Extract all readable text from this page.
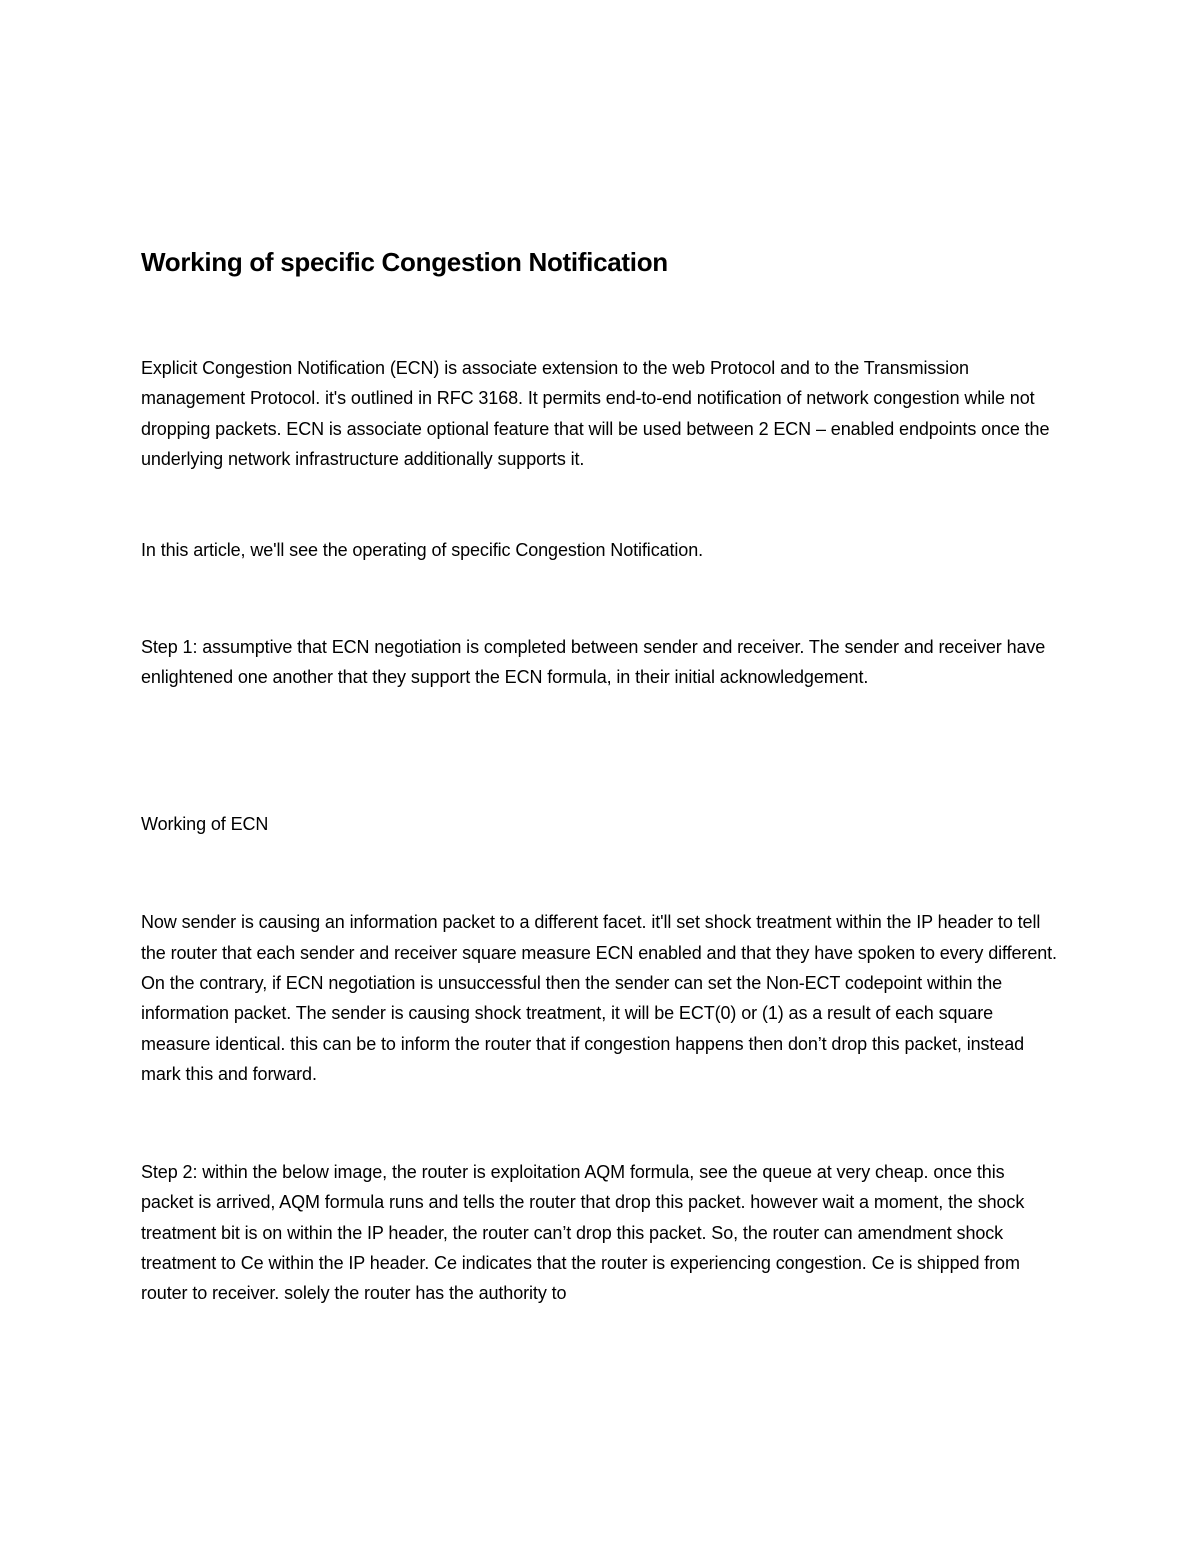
Working of specific Congestion Notification

Explicit Congestion Notification (ECN) is associate extension to the web Protocol and to the Transmission management Protocol. it's outlined in RFC 3168. It permits end-to-end notification of network congestion while not dropping packets. ECN is associate optional feature that will be used between 2 ECN – enabled endpoints once the underlying network infrastructure additionally supports it.

In this article, we'll see the operating of specific Congestion Notification.

Step 1: assumptive that ECN negotiation is completed between sender and receiver. The sender and receiver have enlightened one another that they support the ECN formula, in their initial acknowledgement.

Working of ECN

Now sender is causing an information packet to a different facet. it'll set shock treatment within the IP header to tell the router that each sender and receiver square measure ECN enabled and that they have spoken to every different. On the contrary, if ECN negotiation is unsuccessful then the sender can set the Non-ECT codepoint within the information packet. The sender is causing shock treatment, it will be ECT(0) or (1) as a result of each square measure identical. this can be to inform the router that if congestion happens then don’t drop this packet, instead mark this and forward.

Step 2: within the below image, the router is exploitation AQM formula, see the queue at very cheap. once this packet is arrived, AQM formula runs and tells the router that drop this packet. however wait a moment, the shock treatment bit is on within the IP header, the router can’t drop this packet. So, the router can amendment shock treatment to Ce within the IP header. Ce indicates that the router is experiencing congestion. Ce is shipped from router to receiver. solely the router has the authority to
